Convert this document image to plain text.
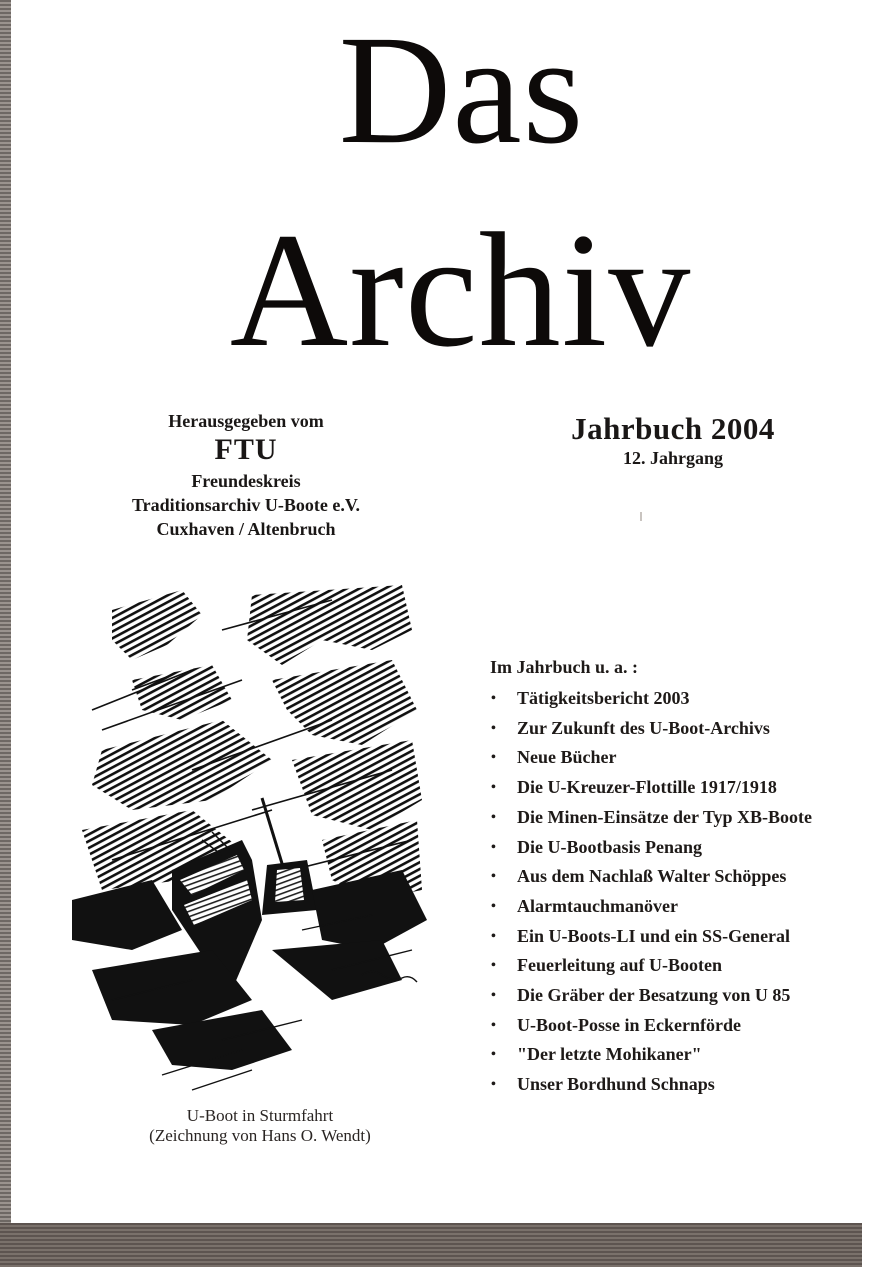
Das
Archiv
Herausgegeben vom
FTU
Freundeskreis
Traditionsarchiv U-Boote e.V.
Cuxhaven / Altenbruch
Jahrbuch 2004
12. Jahrgang
U-Boot in Sturmfahrt
(Zeichnung von Hans O. Wendt)
Im Jahrbuch u. a. :
• Tätigkeitsbericht 2003
• Zur Zukunft des U-Boot-Archivs
• Neue Bücher
• Die U-Kreuzer-Flottille 1917/1918
• Die Minen-Einsätze der Typ XB-Boote
• Die U-Bootbasis Penang
• Aus dem Nachlaß Walter Schöppes
• Alarmtauchmanöver
• Ein U-Boots-LI und ein SS-General
• Feuerleitung auf U-Booten
• Die Gräber der Besatzung von U 85
• U-Boot-Posse in Eckernförde
• "Der letzte Mohikaner"
• Unser Bordhund Schnaps
